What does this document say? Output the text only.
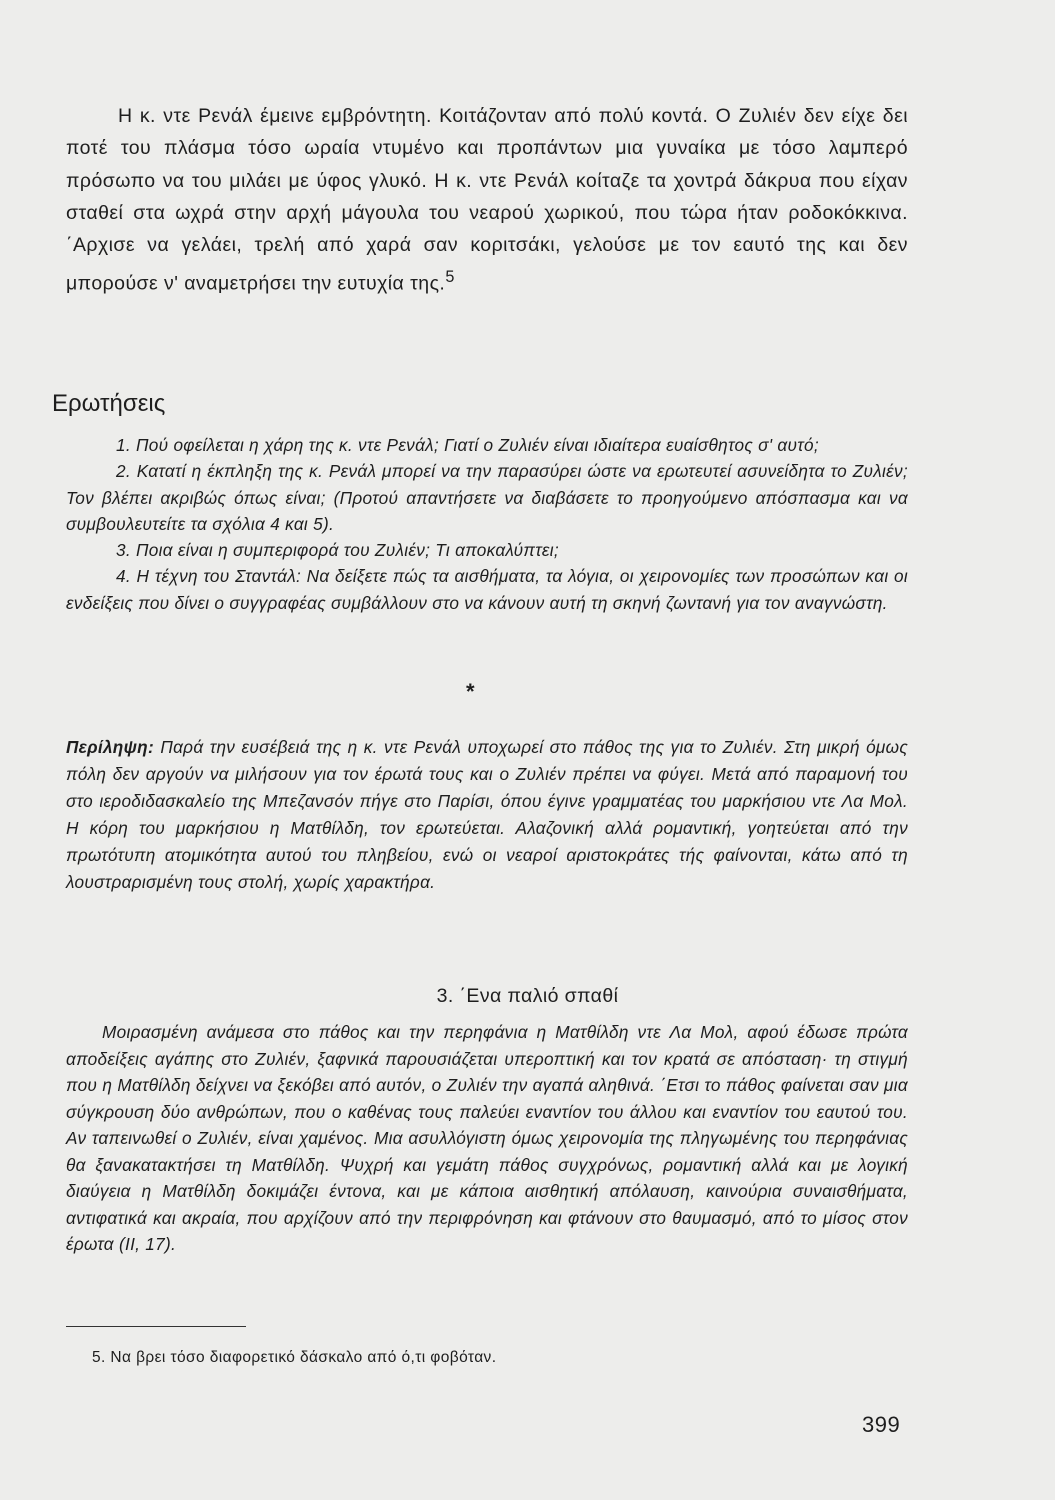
Η κ. ντε Ρενάλ έμεινε εμβρόντητη. Κοιτάζονταν από πολύ κοντά. Ο Ζυλιέν δεν είχε δει ποτέ του πλάσμα τόσο ωραία ντυμένο και προπάντων μια γυναίκα με τόσο λαμπερό πρόσωπο να του μιλάει με ύφος γλυκό. Η κ. ντε Ρενάλ κοίταζε τα χοντρά δάκρυα που είχαν σταθεί στα ωχρά στην αρχή μάγουλα του νεαρού χωρικού, που τώρα ήταν ροδοκόκκινα. ΄Αρχισε να γελάει, τρελή από χαρά σαν κοριτσάκι, γελούσε με τον εαυτό της και δεν μπορούσε ν' αναμετρήσει την ευτυχία της.$^5$

Ερωτήσεις
1. Πού οφείλεται η χάρη της κ. ντε Ρενάλ; Γιατί ο Ζυλιέν είναι ιδιαίτερα ευαίσθητος σ' αυτό;
2. Κατατί η έκπληξη της κ. Ρενάλ μπορεί να την παρασύρει ώστε να ερωτευτεί ασυνείδητα το Ζυλιέν; Τον βλέπει ακριβώς όπως είναι; (Προτού απαντήσετε να διαβάσετε το προηγούμενο απόσπασμα και να συμβουλευτείτε τα σχόλια 4 και 5).
3. Ποια είναι η συμπεριφορά του Ζυλιέν; Τι αποκαλύπτει;
4. Η τέχνη του Σταντάλ: Να δείξετε πώς τα αισθήματα, τα λόγια, οι χειρονομίες των προσώπων και οι ενδείξεις που δίνει ο συγγραφέας συμβάλλουν στο να κάνουν αυτή τη σκηνή ζωντανή για τον αναγνώστη.
*

Περίληψη: Παρά την ευσέβειά της η κ. ντε Ρενάλ υποχωρεί στο πάθος της για το Ζυλιέν. Στη μικρή όμως πόλη δεν αργούν να μιλήσουν για τον έρωτά τους και ο Ζυλιέν πρέπει να φύγει. Μετά από παραμονή του στο ιεροδιδασκαλείο της Μπεζανσόν πήγε στο Παρίσι, όπου έγινε γραμματέας του μαρκήσιου ντε Λα Μολ. Η κόρη του μαρκήσιου η Ματθίλδη, τον ερωτεύεται. Αλαζονική αλλά ρομαντική, γοητεύεται από την πρωτότυπη ατομικότητα αυτού του πληβείου, ενώ οι νεαροί αριστοκράτες τής φαίνονται, κάτω από τη λουστραρισμένη τους στολή, χωρίς χαρακτήρα.

3. ΄Ενα παλιό σπαθί

Μοιρασμένη ανάμεσα στο πάθος και την περηφάνια η Ματθίλδη ντε Λα Μολ, αφού έδωσε πρώτα αποδείξεις αγάπης στο Ζυλιέν, ξαφνικά παρουσιάζεται υπεροπτική και τον κρατά σε απόσταση· τη στιγμή που η Ματθίλδη δείχνει να ξεκόβει από αυτόν, ο Ζυλιέν την αγαπά αληθινά. ΄Ετσι το πάθος φαίνεται σαν μια σύγκρουση δύο ανθρώπων, που ο καθένας τους παλεύει εναντίον του άλλου και εναντίον του εαυτού του. Αν ταπεινωθεί ο Ζυλιέν, είναι χαμένος. Μια ασυλλόγιστη όμως χειρονομία της πληγωμένης του περηφάνιας θα ξανακατακτήσει τη Ματθίλδη. Ψυχρή και γεμάτη πάθος συγχρόνως, ρομαντική αλλά και με λογική διαύγεια η Ματθίλδη δοκιμάζει έντονα, και με κάποια αισθητική απόλαυση, καινούρια συναισθήματα, αντιφατικά και ακραία, που αρχίζουν από την περιφρόνηση και φτάνουν στο θαυμασμό, από το μίσος στον έρωτα (ΙΙ, 17).

5. Να βρει τόσο διαφορετικό δάσκαλο από ό,τι φοβόταν.

399
